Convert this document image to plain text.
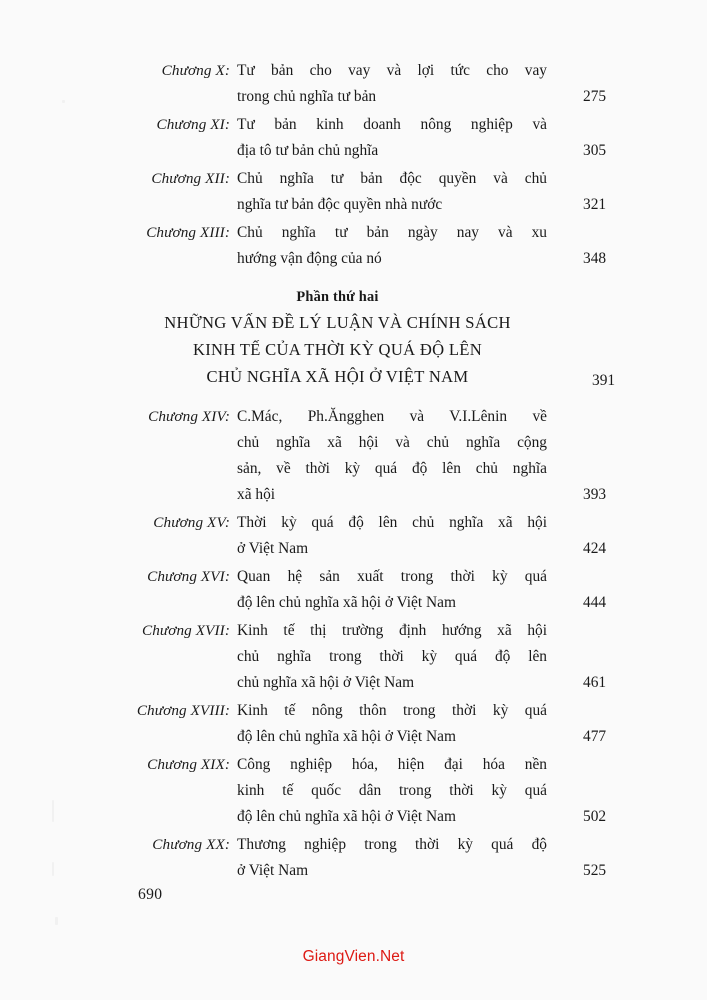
Chương X: Tư bản cho vay và lợi tức cho vay
trong chủ nghĩa tư bản	275
Chương XI: Tư bản kinh doanh nông nghiệp và
địa tô tư bản chủ nghĩa	305
Chương XII: Chủ nghĩa tư bản độc quyền và chủ
nghĩa tư bản độc quyền nhà nước	321
Chương XIII: Chủ nghĩa tư bản ngày nay và xu
hướng vận động của nó	348
Phần thứ hai
NHỮNG VẤN ĐỀ LÝ LUẬN VÀ CHÍNH SÁCH
KINH TẾ CỦA THỜI KỲ QUÁ ĐỘ LÊN
CHỦ NGHĨA XÃ HỘI Ở VIỆT NAM	391
Chương XIV: C.Mác, Ph.Ăngghen và V.I.Lênin về
chủ nghĩa xã hội và chủ nghĩa cộng
sản, về thời kỳ quá độ lên chủ nghĩa
xã hội	393
Chương XV: Thời kỳ quá độ lên chủ nghĩa xã hội
ở Việt Nam	424
Chương XVI: Quan hệ sản xuất trong thời kỳ quá
độ lên chủ nghĩa xã hội ở Việt Nam	444
Chương XVII: Kinh tế thị trường định hướng xã hội
chủ nghĩa trong thời kỳ quá độ lên
chủ nghĩa xã hội ở Việt Nam	461
Chương XVIII: Kinh tế nông thôn trong thời kỳ quá
độ lên chủ nghĩa xã hội ở Việt Nam	477
Chương XIX: Công nghiệp hóa, hiện đại hóa nền
kinh tế quốc dân trong thời kỳ quá
độ lên chủ nghĩa xã hội ở Việt Nam	502
Chương XX: Thương nghiệp trong thời kỳ quá độ
ở Việt Nam	525
690
GiangVien.Net
